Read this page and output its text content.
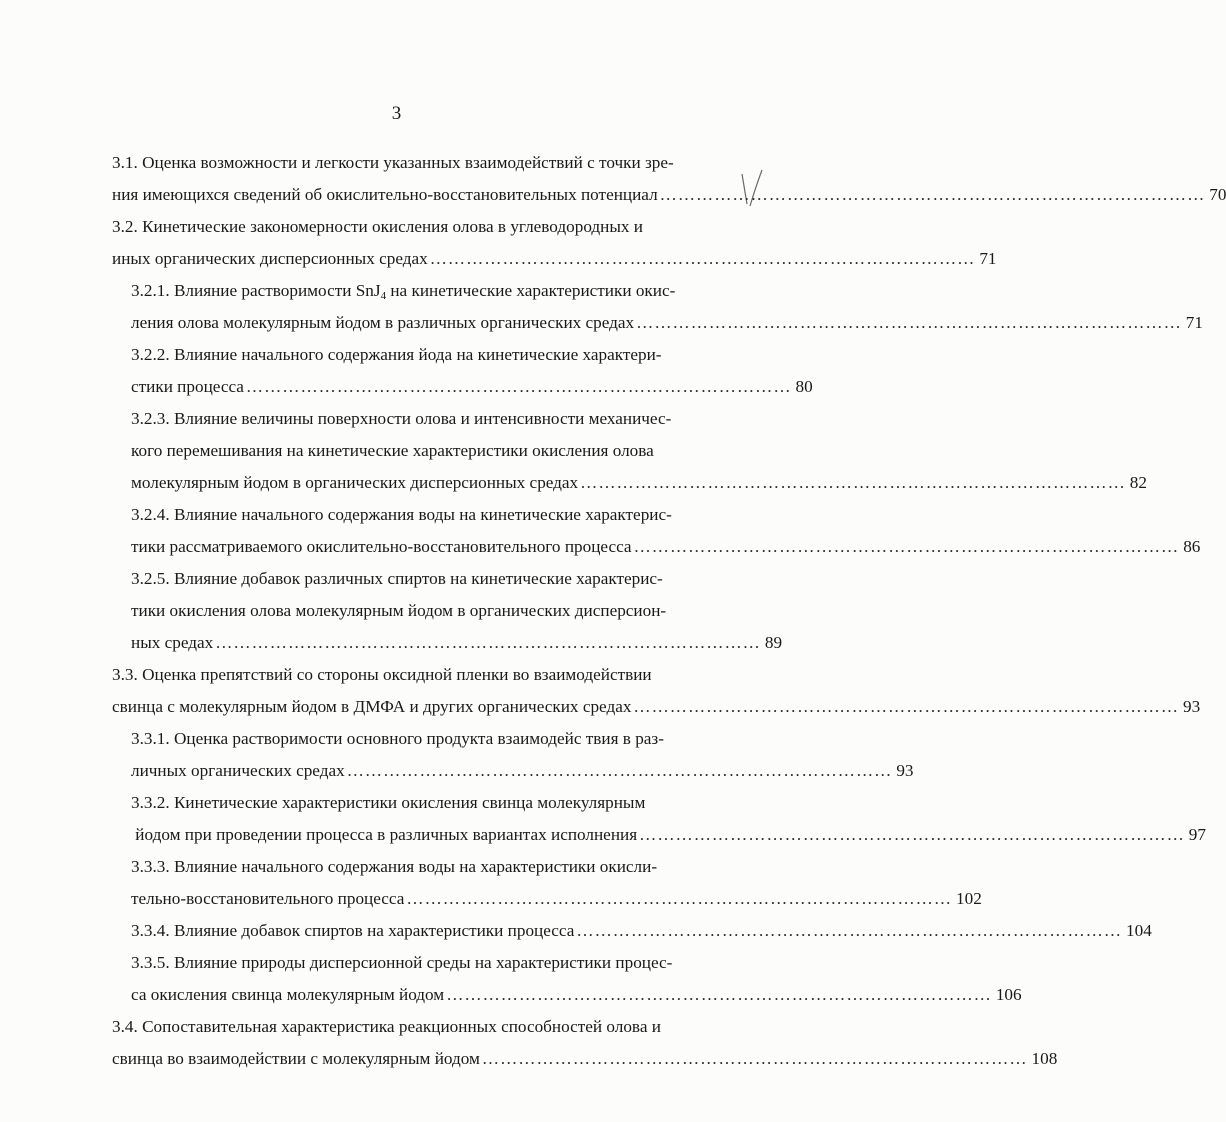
3
3.1. Оценка возможности и легкости указанных взаимодействий с точки зре-
ния имеющихся сведений об окислительно-восстановительных потенциал ……………………………………………………………………………… 70
3.2. Кинетические закономерности окисления олова в углеводородных и
иных органических дисперсионных средах ……………………………………………………………………………… 71
3.2.1. Влияние растворимости SnJ$_4$ на кинетические характеристики окис-
ления олова молекулярным йодом в различных органических средах ……………………………………………………………………………… 71
3.2.2. Влияние начального содержания йода на кинетические характери-
стики процесса ……………………………………………………………………………… 80
3.2.3. Влияние величины поверхности олова и интенсивности механичес-
кого перемешивания на кинетические характеристики окисления олова
молекулярным йодом в органических дисперсионных средах ……………………………………………………………………………… 82
3.2.4. Влияние начального содержания воды на кинетические характерис-
тики рассматриваемого окислительно-восстановительного процесса ……………………………………………………………………………… 86
3.2.5. Влияние добавок различных спиртов на кинетические характерис-
тики окисления олова молекулярным йодом в органических дисперсион-
ных средах ……………………………………………………………………………… 89
3.3. Оценка препятствий со стороны оксидной пленки во взаимодействии
свинца с молекулярным йодом в ДМФА и других органических средах ……………………………………………………………………………… 93
3.3.1. Оценка растворимости основного продукта взаимодейс твия в раз-
личных органических средах ……………………………………………………………………………… 93
3.3.2. Кинетические характеристики окисления свинца молекулярным
йодом при проведении процесса в различных вариантах исполнения ……………………………………………………………………………… 97
3.3.3. Влияние начального содержания воды на характеристики окисли-
тельно-восстановительного процесса ……………………………………………………………………………… 102
3.3.4. Влияние добавок спиртов на характеристики процесса ……………………………………………………………………………… 104
3.3.5. Влияние природы дисперсионной среды на характеристики процес-
са окисления свинца молекулярным йодом ……………………………………………………………………………… 106
3.4. Сопоставительная характеристика реакционных способностей олова и
свинца во взаимодействии с молекулярным йодом ……………………………………………………………………………… 108
